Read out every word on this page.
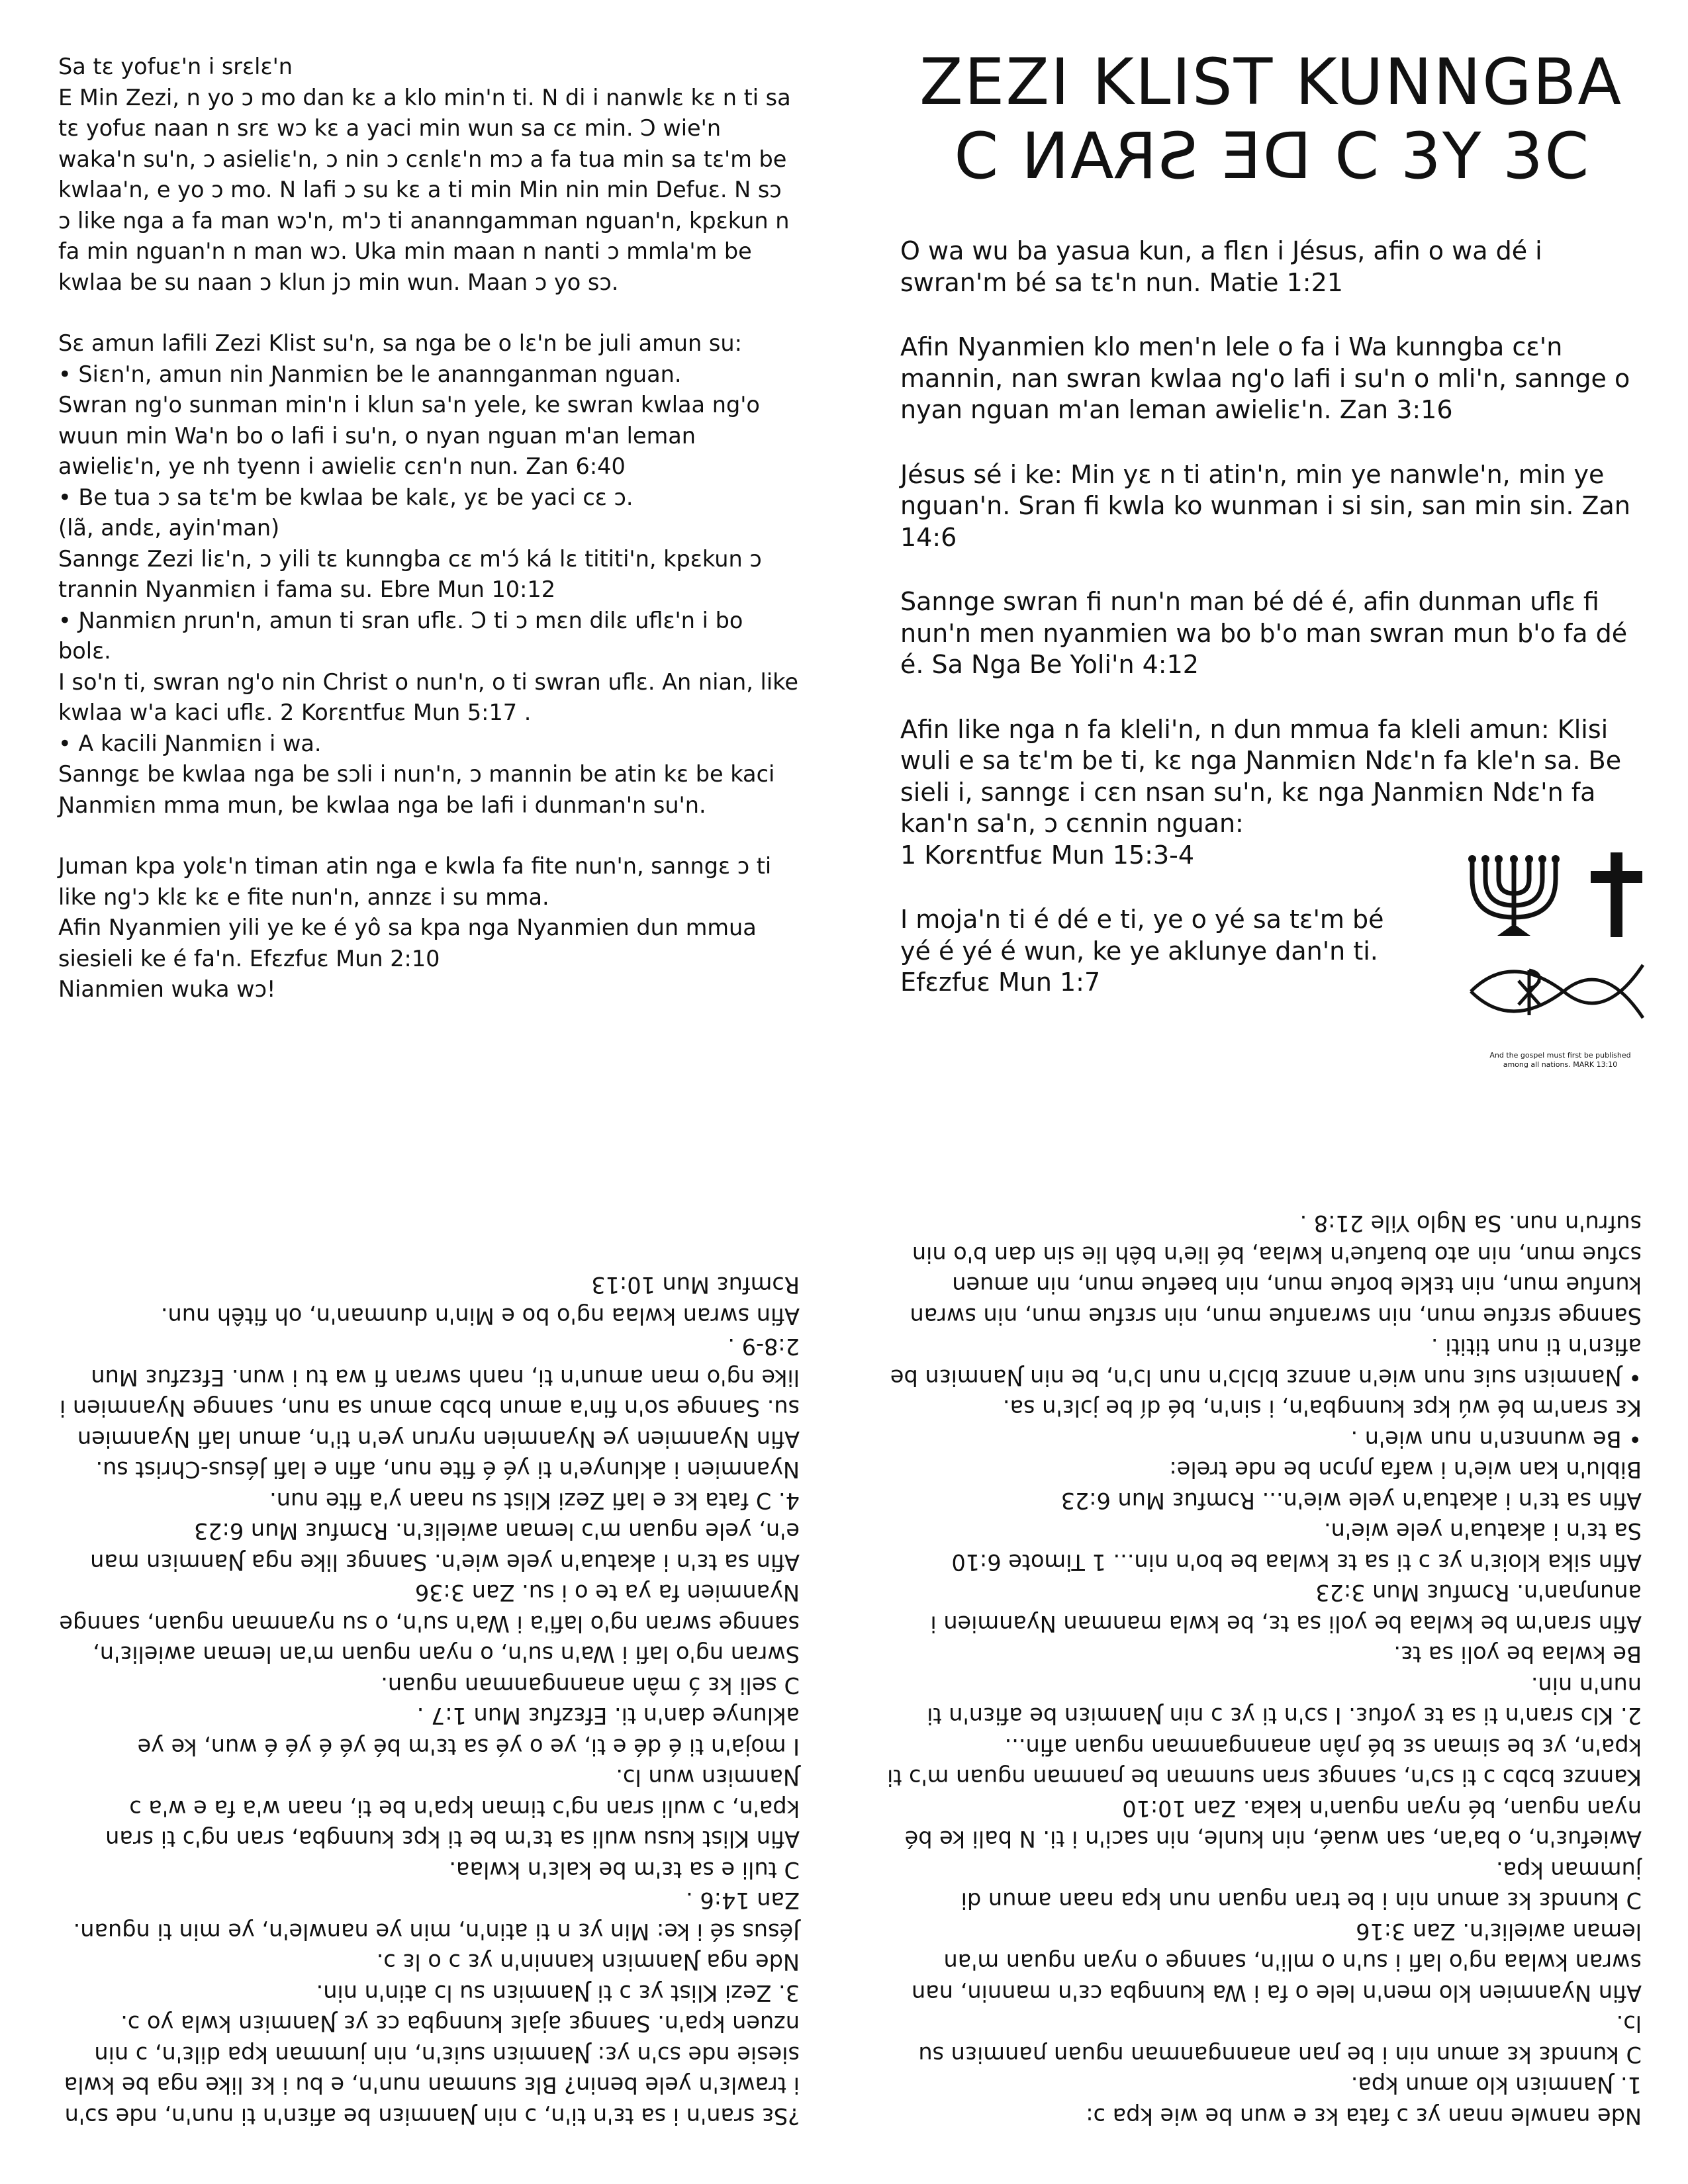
Sa tɛ yofuɛ'n i srɛlɛ'n
E Min Zezi, n yo ɔ mo dan kɛ a klo min'n ti. N di i nanwlɛ kɛ n ti sa tɛ yofuɛ naan n srɛ wɔ kɛ a yaci min wun sa cɛ min. Ɔ wie'n waka'n su'n, ɔ asieliɛ'n, ɔ nin ɔ cɛnlɛ'n mɔ a fa tua min sa tɛ'm be kwlaa'n, e yo ɔ mo. N lafi ɔ su kɛ a ti min Min nin min Defuɛ. N sɔ ɔ like nga a fa man wɔ'n, m'ɔ ti ananngamman nguan'n, kpɛkun n fa min nguan'n n man wɔ. Uka min maan n nanti ɔ mmla'm be kwlaa be su naan ɔ klun jɔ min wun. Maan ɔ yo sɔ.

Sɛ amun lafili Zezi Klist su'n, sa nga be o lɛ'n be juli amun su:
• Siɛn'n, amun nin Ɲanmiɛn be le anannganman nguan.
Swran ng'o sunman min'n i klun sa'n yele, ke swran kwlaa ng'o wuun min Wa'n bo o lafi i su'n, o nyan nguan m'an leman awieliɛ'n, ye nh tyenn i awieliɛ cɛn'n nun. Zan 6:40
• Be tua ɔ sa tɛ'm be kwlaa be kalɛ, yɛ be yaci cɛ ɔ.
(lã, andɛ, ayin'man)
Sanngɛ Zezi liɛ'n, ɔ yili tɛ kunngba cɛ m'ɔ́ ká lɛ tititi'n, kpɛkun ɔ trannin Nyanmiɛn i fama su. Ebre Mun 10:12
• Ɲanmiɛn ɲrun'n, amun ti sran uflɛ. Ɔ ti ɔ mɛn dilɛ uflɛ'n i bo bolɛ.
I so'n ti, swran ng'o nin Christ o nun'n, o ti swran uflɛ. An nian, like kwlaa w'a kaci uflɛ. 2 Korɛntfuɛ Mun 5:17 .
• A kacili Ɲanmiɛn i wa.
Sanngɛ be kwlaa nga be sɔli i nun'n, ɔ mannin be atin kɛ be kaci Ɲanmiɛn mma mun, be kwlaa nga be lafi i dunman'n su'n.

Juman kpa yolɛ'n timan atin nga e kwla fa fite nun'n, sanngɛ ɔ ti like ng'ɔ klɛ kɛ e fite nun'n, annzɛ i su mma.
Afin Nyanmien yili ye ke é yô sa kpa nga Nyanmien dun mmua siesieli ke é fa'n. Efɛzfuɛ Mun 2:10
Nianmien wuka wɔ!

ZEZI KLIST KUNNGBA
ƆƐ YƐ Ɔ DE SRAN Ɔ

O wa wu ba yasua kun, a flɛn i Jésus, afin o wa dé i swran'm bé sa tɛ'n nun. Matie 1:21

Afin Nyanmien klo men'n lele o fa i Wa kunngba cɛ'n mannin, nan swran kwlaa ng'o lafi i su'n o mli'n, sannge o nyan nguan m'an leman awieliɛ'n. Zan 3:16

Jésus sé i ke: Min yɛ n ti atin'n, min ye nanwle'n, min ye nguan'n. Sran fi kwla ko wunman i si sin, san min sin. Zan 14:6

Sannge swran fi nun'n man bé dé é, afin dunman uflɛ fi nun'n men nyanmien wa bo b'o man swran mun b'o fa dé é. Sa Nga Be Yoli'n 4:12

Afin like nga n fa kleli'n, n dun mmua fa kleli amun: Klisi wuli e sa tɛ'm be ti, kɛ nga Ɲanmiɛn Ndɛ'n fa kle'n sa. Be sieli i, sanngɛ i cɛn nsan su'n, kɛ nga Ɲanmiɛn Ndɛ'n fa kan'n sa'n, ɔ cɛnnin nguan:
1 Korɛntfuɛ Mun 15:3-4

I moja'n ti é dé e ti, ye o yé sa tɛ'm bé yé é yé é wun, ke ye aklunye dan'n ti. Efɛzfuɛ Mun 1:7

And the gospel must first be published
among all nations. MARK 13:10

?Sɛ sran'n i sa tɛ'n ti'n, ɔ nin Ɲanmiɛn be afiɛn'n ti nun'n, nde sɔ'n i trawlɛ'n yele benin? Blɛ sunman nun'n, e bu i kɛ like nga be kwla siesie nde sɔ'n yɛ: Ɲanmiɛn suiɛ'n, nin jumman kpa dilɛ'n, ɔ nin nzuen kpa'n. Sanngɛ ajalɛ kunngba cɛ yɛ Ɲanmiɛn kwla yo ɔ.
3. Zezi Klist yɛ ɔ ti Ɲanmiɛn su lɔ atin'n nin.
Nde nga Ɲanmiɛn kannin'n yɛ ɔ o lɛ ɔ.
Jésus sé i ke: Min yɛ n ti atin'n, min ye nanwle'n, ye min ti nguan. Zan 14:6 .
Ɔ tuli e sa tɛ'm be kalɛ'n kwlaa.
Afin Klist kusu wuli sa tɛ'm be ti kpɛ kunngba, sran ng'ɔ ti sran kpa'n, ɔ wuli sran ng'ɔ timan kpa'n be ti, naan w'a fa e w'a ɔ Ɲanmiɛn wun lɔ.
I moja'n ti é dé e ti, ye o yé sa tɛ'm bé yé é yé é wun, ke ye aklunye dan'n ti. Efɛzfuɛ Mun 1:7 .
Ɔ seli kɛ ɔ́ mân anannganman nguan.
Swran ng'o lafi i Wa'n su'n, o nyan nguan m'an leman awieliɛ'n, sannge swran ng'o lafi'a i Wa'n su'n, o su nyanman nguan, sannge Nyanmien fa ya te o i su. Zan 3:36
Afin sa tɛ'n i akatua'n yele wie'n. Sanngɛ like nga Ɲanmiɛn man e'n, yele nguan m'ɔ leman awieliɛ'n. Rɔmfuɛ Mun 6:23
4. Ɔ fata kɛ e lafi Zezi Klist su naan y'a fite nun.
Nyanmien i aklunye'n ti yé é fite nun, afin e lafi Jésus-Christ su.
Afin Nyanmien ye Nyanmien nyrun ye'n ti'n, amun lafi Nyanmien su. Sannge so'n fin'a amun bɔbɔ amun sa nun, sannge Nyanmien i like ng'o man amun'n ti, nanh swran fi wa tu i wun. Efɛzfuɛ Mun 2:8-9 .
Afin swran kwlaa ng'o bo e Min'n dunman'n, oh fitêh nun.
Rɔmfuɛ Mun 10:13

Nde nanwle nnan yɛ ɔ fata kɛ e wun be wie kpa ɔ:
1. Ɲanmiɛn klo amun kpa.
Ɔ kunndɛ kɛ amun nin i be ɲan anannganman nguan ɲanmiɛn su lɔ.
Afin Nyanmien klo men'n lele o fa i Wa kunngba cɛ'n mannin, nan swran kwlaa ng'o lafi i su'n o mli'n, sannge o nyan nguan m'an leman awieliɛ'n. Zan 3:16
Ɔ kunndɛ kɛ amun nin i be tran nguan nun kpa naan amun di jumman kpa.
Awiefuɛ'n, o ba'an, san wuaé, nin kunle, nin saci'n i ti. N bali ke bé nyan nguan, bé nyan nguan'n kaka. Zan 10:10
Kannzɛ bɔbɔ ɔ ti sɔ'n, sanngɛ sran sunman be ɲanman nguan m'ɔ ti kpa'n, yɛ be siman sɛ bé ɲân anannganman nguan afin...
2. Klɔ sran'n ti sa tɛ yofuɛ. I sɔ'n ti yɛ ɔ nin Ɲanmiɛn be afiɛn'n ti nun'n nin.
Be kwlaa be yoli sa tɛ.
Afin sran'm be kwlaa be yoli sa tɛ, be kwla manman Nyanmien i anunɲan'n. Rɔmfuɛ Mun 3:23
Afin sika kloiɛ'n yɛ ɔ ti sa tɛ kwlaa be bo'n nin... 1 Timote 6:10
Sa tɛ'n i akatua'n yele wie'n.
Afin sa tɛ'n i akatua'n yele wie'n... Rɔmfuɛ Mun 6:23
Biblu'n kan wie'n i wafa ɲɲɔn be nde trele:
• Be wunnɛn'n nun wie'n .
Kɛ sran'm bé wú kpɛ kunngba'n, i sin'n, bé dí be jɔlɛ'n sa.
• Ɲanmiɛn suiɛ nun wie'n annzɛ blɔlɔ'n nun lɔ'n, be nin Ɲanmiɛn be afiɛn'n ti nun tititi .
Sannge srɛfue mun, nin swranfue mun, nin srɛfue mun, nin swran kunfue mun, nin tɛkle bofue mun, nin baefue mun, nin amuen sɔfue mun, nin ato buafue'n kwlaa, bé lie'n bêh lie sin dan b'o nin sufru'n nun. Sa Nglo Yile 21:8 .
